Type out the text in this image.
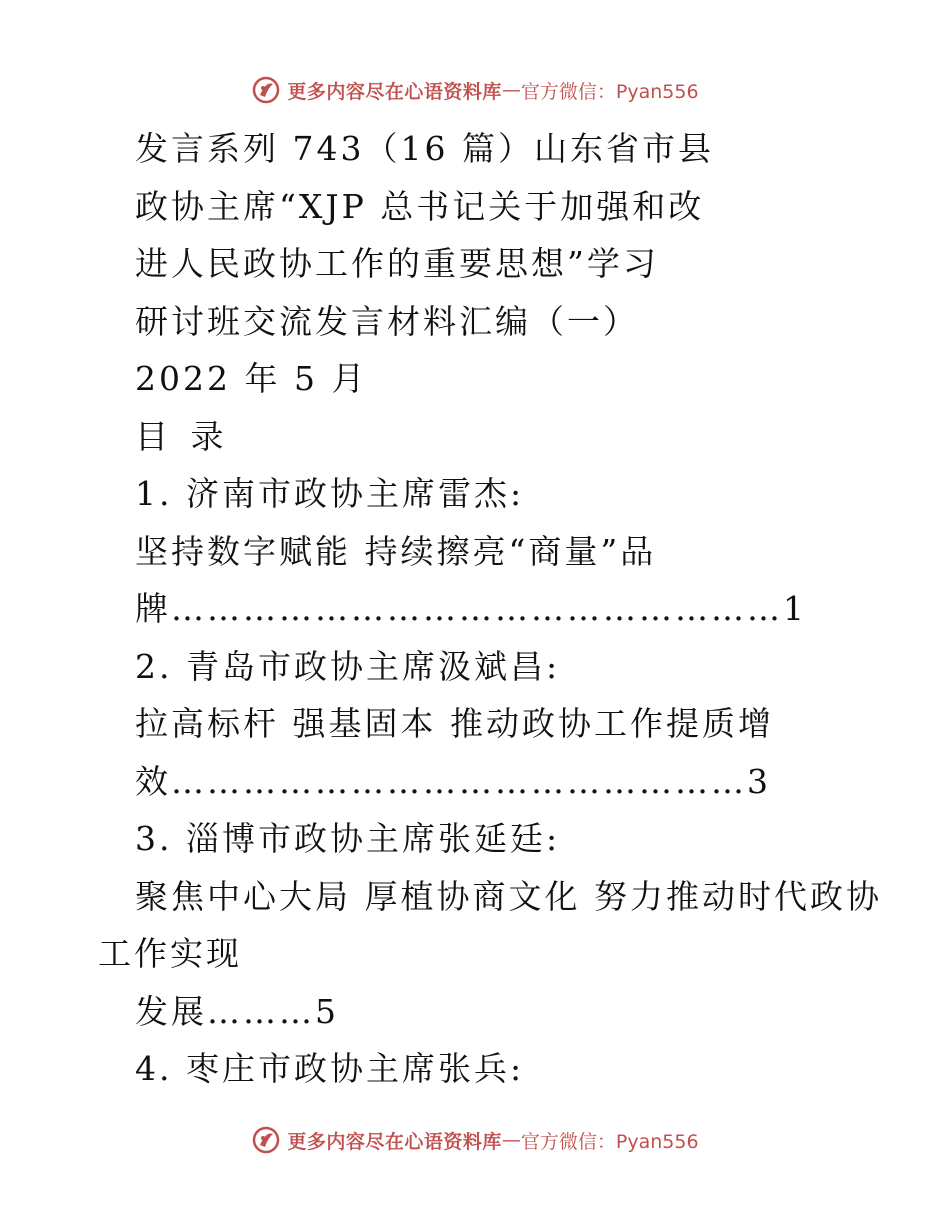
更多内容尽在心语资料库 — 官方微信：Pyan556
发言系列 743（16 篇）山东省市县
政协主席“XJP 总书记关于加强和改
进人民政协工作的重要思想”学习
研讨班交流发言材料汇编（一）
2022 年 5 月
目 录
1. 济南市政协主席雷杰:
坚持数字赋能 持续擦亮“商量”品
牌……………………………………………1
2. 青岛市政协主席汲斌昌:
拉高标杆 强基固本 推动政协工作提质增
效…………………………………………3
3. 淄博市政协主席张延廷:
聚焦中心大局 厚植协商文化 努力推动时代政协
工作实现
发展………5
4. 枣庄市政协主席张兵:
更多内容尽在心语资料库 — 官方微信：Pyan556
